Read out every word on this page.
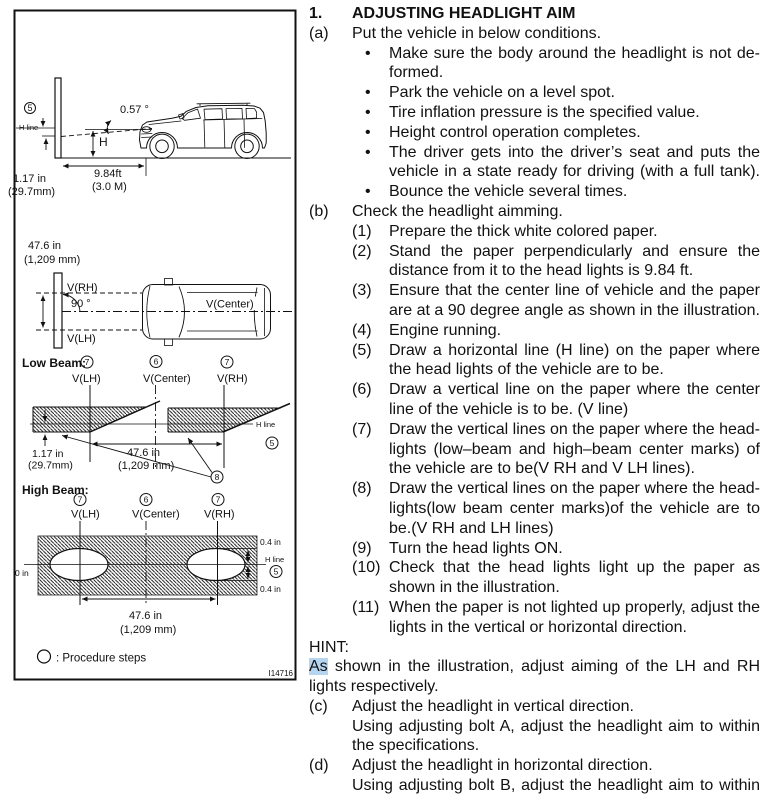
5
H line
0.57 °
H
1.17 in
(29.7mm)
9.84ft
(3.0 M)
47.6 in
(1,209 mm)
V(RH)
90 °
V(LH)
V(Center)
Low Beam:
V(LH)	V(Center) V(RH)
7	6	7
H line
5
8
1.17 in
(29.7mm)
47.6 in
(1,209 mm)
High Beam:
V(LH)	V(Center) V(RH)
7	6	7
0 in
0.4 in
H line
5
0.4 in
47.6 in
(1,209 mm)
: Procedure steps
I14716
1.	ADJUSTING HEADLIGHT AIM
(a)	Put the vehicle in below conditions.
•	Make sure the body around the headlight is not de-
formed.
•	Park the vehicle on a level spot.
•	Tire inflation pressure is the specified value.
•	Height control operation completes.
•	The driver gets into the driver’s seat and puts the
vehicle in a state ready for driving (with a full tank).
•	Bounce the vehicle several times.
(b)	Check the headlight aimming.
(1)	Prepare the thick white colored paper.
(2)	Stand the paper perpendicularly and ensure the
distance from it to the head lights is 9.84 ft.
(3)	Ensure that the center line of vehicle and the paper
are at a 90 degree angle as shown in the illustration.
(4)	Engine running.
(5)	Draw a horizontal line (H line) on the paper where
the head lights of the vehicle are to be.
(6)	Draw a vertical line on the paper where the center
line of the vehicle is to be. (V line)
(7)	Draw the vertical lines on the paper where the head-
lights (low–beam and high–beam center marks) of
the vehicle are to be(V RH and V LH lines).
(8)	Draw the vertical lines on the paper where the head-
lights(low beam center marks)of the vehicle are to
be.(V RH and LH lines)
(9)	Turn the head lights ON.
(10) Check that the head lights light up the paper as
shown in the illustration.
(11) When the paper is not lighted up properly, adjust the
lights in the vertical or horizontal direction.
HINT:
As shown in the illustration, adjust aiming of the LH and RH
lights respectively.
(c)	Adjust the headlight in vertical direction.
Using adjusting bolt A, adjust the headlight aim to within
the specifications.
(d)	Adjust the headlight in horizontal direction.
Using adjusting bolt B, adjust the headlight aim to within
